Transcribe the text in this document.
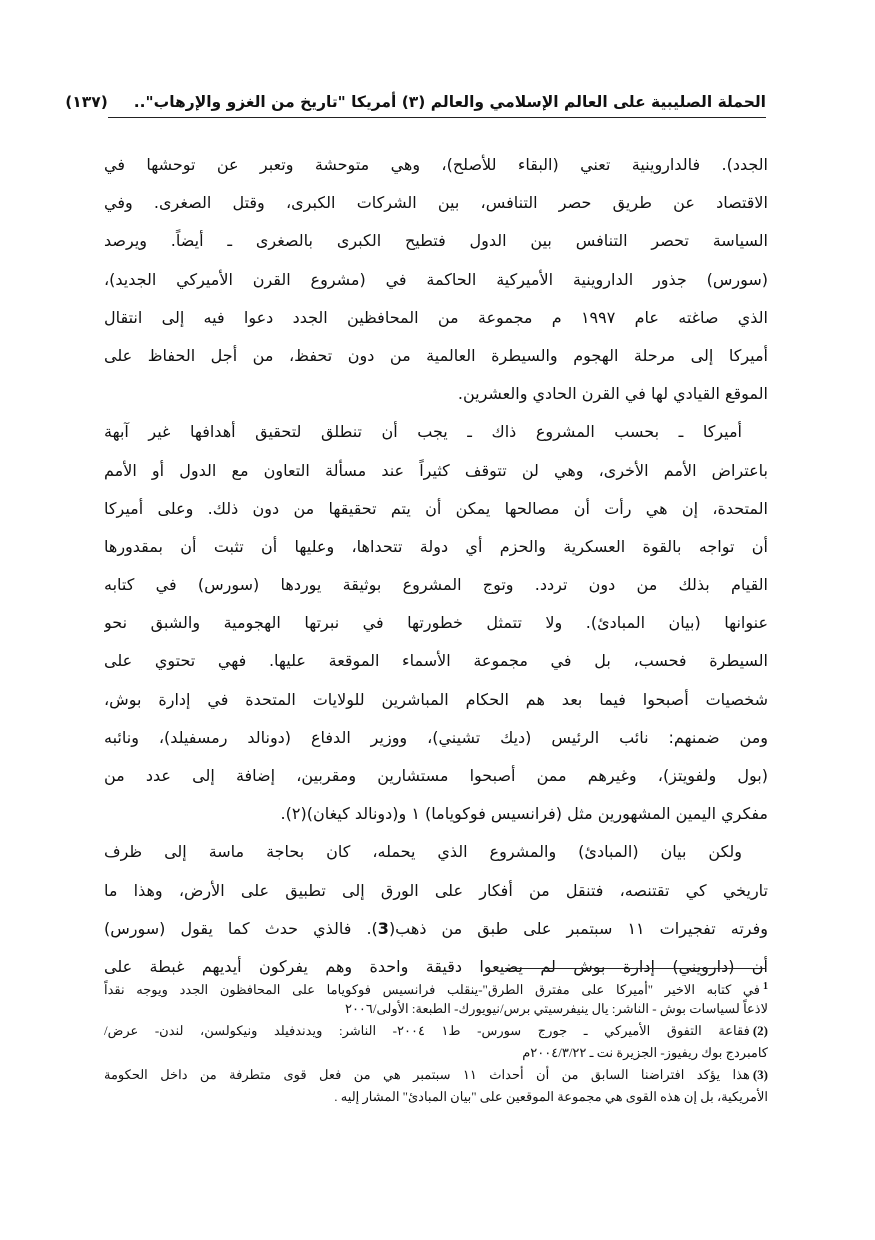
الحملة الصليبية على العالم الإسلامي والعالم (٣) أمريكا "تاريخ من الغزو والإرهاب"..
(١٣٧)
الجدد). فالداروينية تعني (البقاء للأصلح)، وهي متوحشة وتعبر عن توحشها في
الاقتصاد عن طريق حصر التنافس، بين الشركات الكبرى، وقتل الصغرى. وفي
السياسة تحصر التنافس بين الدول فتطيح الكبرى بالصغرى ـ أيضاً. ويرصد
(سورس) جذور الداروينية الأميركية الحاكمة في (مشروع القرن الأميركي الجديد)،
الذي صاغته عام ١٩٩٧ م مجموعة من المحافظين الجدد دعوا فيه إلى انتقال
أميركا إلى مرحلة الهجوم والسيطرة العالمية من دون تحفظ، من أجل الحفاظ على
الموقع القيادي لها في القرن الحادي والعشرين.
أميركا ـ بحسب المشروع ذاك ـ يجب أن تنطلق لتحقيق أهدافها غير آبهة
باعتراض الأمم الأخرى، وهي لن تتوقف كثيراً عند مسألة التعاون مع الدول أو الأمم
المتحدة، إن هي رأت أن مصالحها يمكن أن يتم تحقيقها من دون ذلك. وعلى أميركا
أن تواجه بالقوة العسكرية والحزم أي دولة تتحداها، وعليها أن تثبت أن بمقدورها
القيام بذلك من دون تردد. وتوج المشروع بوثيقة يوردها (سورس) في كتابه
عنوانها (بيان المبادئ). ولا تتمثل خطورتها في نبرتها الهجومية والشبق نحو
السيطرة فحسب، بل في مجموعة الأسماء الموقعة عليها. فهي تحتوي على
شخصيات أصبحوا فيما بعد هم الحكام المباشرين للولايات المتحدة في إدارة بوش،
ومن ضمنهم: نائب الرئيس (ديك تشيني)، ووزير الدفاع (دونالد رمسفيلد)، ونائبه
(بول ولفويتز)، وغيرهم ممن أصبحوا مستشارين ومقربين، إضافة إلى عدد من
مفكري اليمين المشهورين مثل (فرانسيس فوكوياما) ١ و(دونالد كيغان)(٢).
ولكن بيان (المبادئ) والمشروع الذي يحمله، كان بحاجة ماسة إلى ظرف
تاريخي كي تقتنصه، فتنقل من أفكار على الورق إلى تطبيق على الأرض، وهذا ما
وفرته تفجيرات ١١ سبتمبر على طبق من ذهب(3). فالذي حدث كما يقول (سورس)
أن (دارويني) إدارة بوش لم يضيعوا دقيقة واحدة وهم يفركون أيديهم غبطة على
$^1$في كتابه الاخير "أميركا على مفترق الطرق"-ينقلب فرانسيس فوكوياما على المحافظون الجدد ويوجه نقداً
لاذعاً لسياسات بوش - الناشر: يال ينيفرسيتي برس/نيويورك- الطبعة: الأولى/٢٠٠٦
(2)فقاعة التفوق الأميركي ـ جورج سورس- ط١ ٢٠٠٤- الناشر: ويدندفيلد ونيكولسن، لندن- عرض/
كامبردج بوك ريفيوز- الجزيرة نت ـ ٢٠٠٤/٣/٢٢م
(3)هذا يؤكد افتراضنا السابق من أن أحداث ١١ سبتمبر هي من فعل قوى متطرفة من داخل الحكومة
الأمريكية، بل إن هذه القوى هي مجموعة الموقعين على "بيان المبادئ" المشار إليه .
